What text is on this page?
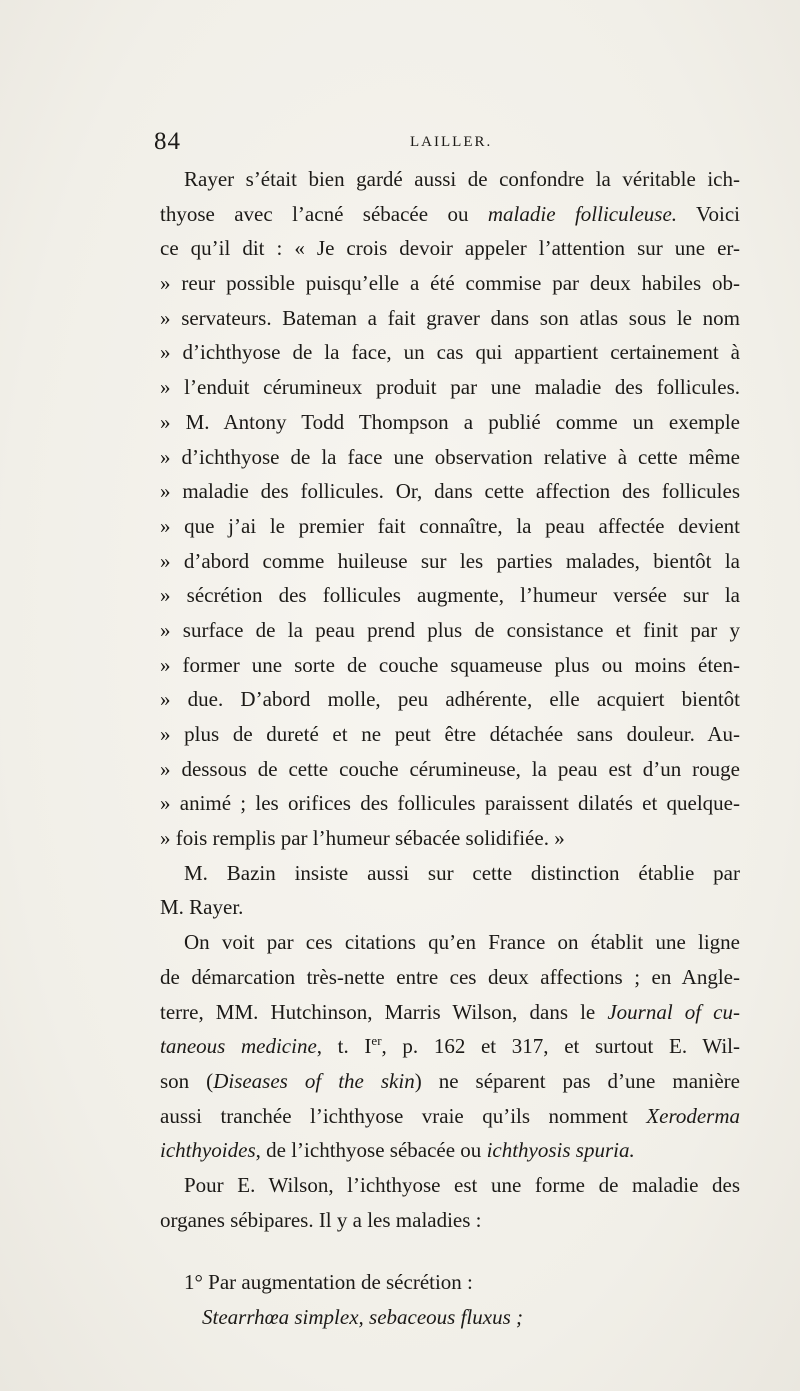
84	LAILLER.
Rayer s’était bien gardé aussi de confondre la véritable ich-
thyose avec l’acné sébacée ou maladie folliculeuse. Voici
ce qu’il dit : « Je crois devoir appeler l’attention sur une er-
» reur possible puisqu’elle a été commise par deux habiles ob-
» servateurs. Bateman a fait graver dans son atlas sous le nom
» d’ichthyose de la face, un cas qui appartient certainement à
» l’enduit cérumineux produit par une maladie des follicules.
» M. Antony Todd Thompson a publié comme un exemple
» d’ichthyose de la face une observation relative à cette même
» maladie des follicules. Or, dans cette affection des follicules
» que j’ai le premier fait connaître, la peau affectée devient
» d’abord comme huileuse sur les parties malades, bientôt la
» sécrétion des follicules augmente, l’humeur versée sur la
» surface de la peau prend plus de consistance et finit par y
» former une sorte de couche squameuse plus ou moins éten-
» due. D’abord molle, peu adhérente, elle acquiert bientôt
» plus de dureté et ne peut être détachée sans douleur. Au-
» dessous de cette couche cérumineuse, la peau est d’un rouge
» animé ; les orifices des follicules paraissent dilatés et quelque-
» fois remplis par l’humeur sébacée solidifiée. »
M. Bazin insiste aussi sur cette distinction établie par
M. Rayer.
On voit par ces citations qu’en France on établit une ligne
de démarcation très-nette entre ces deux affections ; en Angle-
terre, MM. Hutchinson, Marris Wilson, dans le Journal of cu-
taneous medicine, t. Ier, p. 162 et 317, et surtout E. Wil-
son (Diseases of the skin) ne séparent pas d’une manière
aussi tranchée l’ichthyose vraie qu’ils nomment Xeroderma
ichthyoides, de l’ichthyose sébacée ou ichthyosis spuria.
Pour E. Wilson, l’ichthyose est une forme de maladie des
organes sébipares. Il y a les maladies :
1° Par augmentation de sécrétion :
Stearrhœa simplex, sebaceous fluxus ;
